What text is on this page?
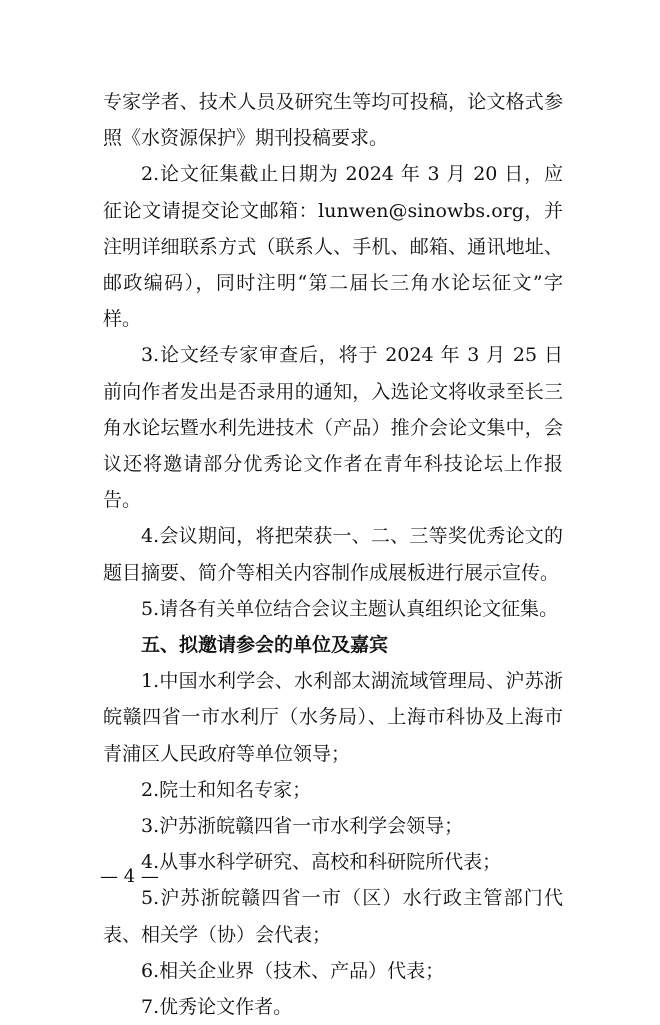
专家学者、技术人员及研究生等均可投稿，论文格式参照《水资源保护》期刊投稿要求。

2.论文征集截止日期为 2024 年 3 月 20 日，应征论文请提交论文邮箱：lunwen@sinowbs.org，并注明详细联系方式（联系人、手机、邮箱、通讯地址、邮政编码），同时注明“第二届长三角水论坛征文”字样。

3.论文经专家审查后，将于 2024 年 3 月 25 日前向作者发出是否录用的通知，入选论文将收录至长三角水论坛暨水利先进技术（产品）推介会论文集中，会议还将邀请部分优秀论文作者在青年科技论坛上作报告。

4.会议期间，将把荣获一、二、三等奖优秀论文的题目摘要、简介等相关内容制作成展板进行展示宣传。

5.请各有关单位结合会议主题认真组织论文征集。

五、拟邀请参会的单位及嘉宾

1.中国水利学会、水利部太湖流域管理局、沪苏浙皖赣四省一市水利厅（水务局）、上海市科协及上海市青浦区人民政府等单位领导；

2.院士和知名专家；

3.沪苏浙皖赣四省一市水利学会领导；

4.从事水科学研究、高校和科研院所代表；

5.沪苏浙皖赣四省一市（区）水行政主管部门代表、相关学（协）会代表；

6.相关企业界（技术、产品）代表；

7.优秀论文作者。

— 4 —
